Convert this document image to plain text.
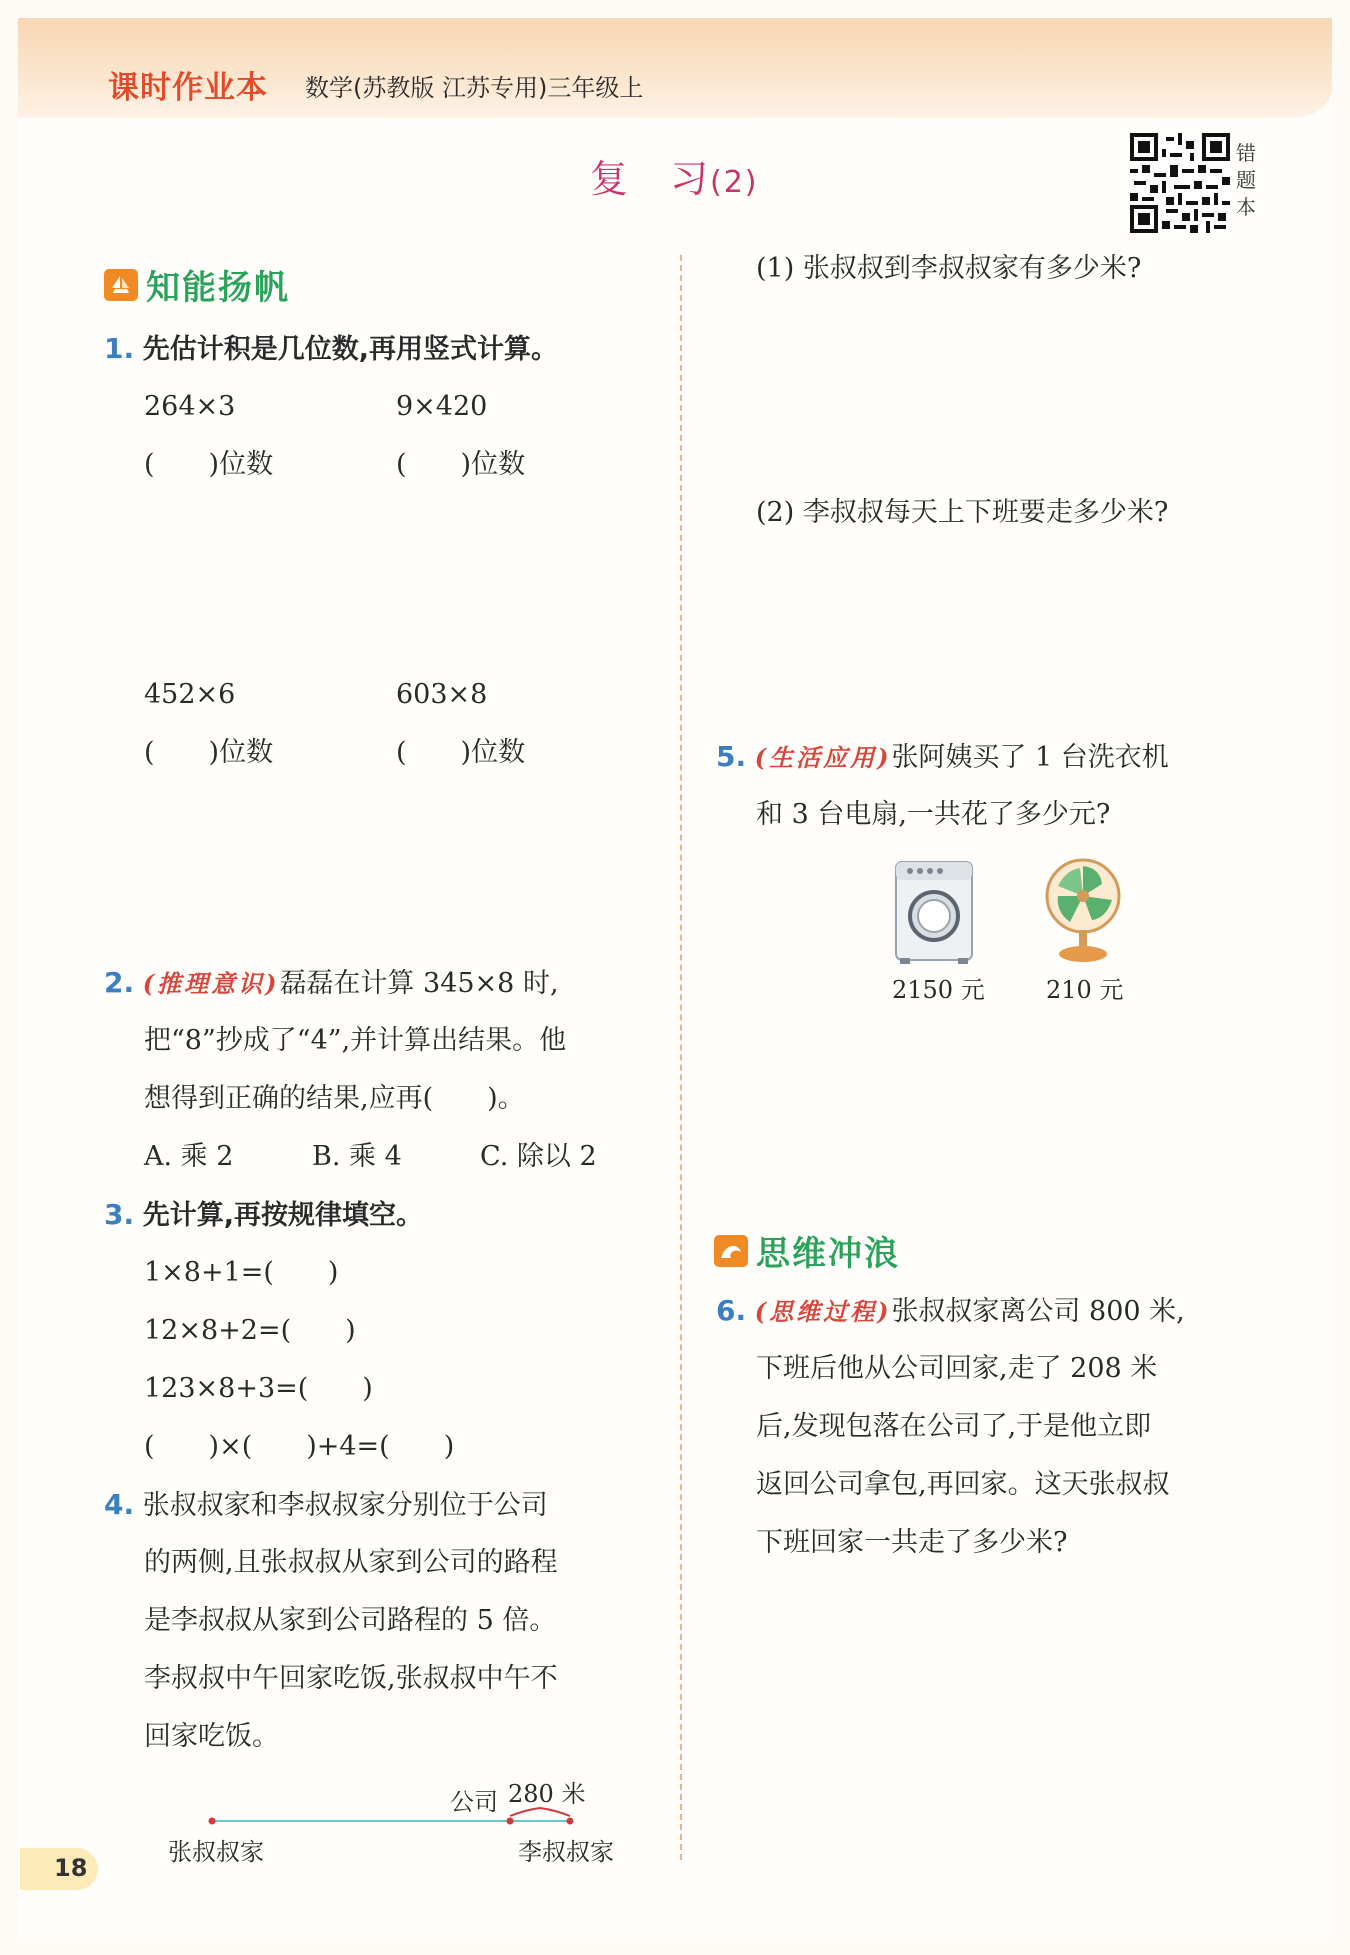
课时作业本 数学(苏教版 江苏专用)三年级上
复　习(2)
错
题
本
知能扬帆
1. 先估计积是几位数,再用竖式计算。
264×3	9×420
(　　)位数	(　　)位数
452×6	603×8
(　　)位数	(　　)位数
2. (推理意识)磊磊在计算 345×8 时,
把“8”抄成了“4”,并计算出结果。他
想得到正确的结果,应再(　　)。
A. 乘 2	B. 乘 4	C. 除以 2
3. 先计算,再按规律填空。
1×8+1=(　　)
12×8+2=(　　)
123×8+3=(　　)
(　　)×(　　)+4=(　　)
4. 张叔叔家和李叔叔家分别位于公司
的两侧,且张叔叔从家到公司的路程
是李叔叔从家到公司路程的 5 倍。
李叔叔中午回家吃饭,张叔叔中午不
回家吃饭。
公司 280 米
张叔叔家	李叔叔家
(1) 张叔叔到李叔叔家有多少米?
(2) 李叔叔每天上下班要走多少米?
5. (生活应用)张阿姨买了 1 台洗衣机
和 3 台电扇,一共花了多少元?
2150 元	210 元
思维冲浪
6. (思维过程)张叔叔家离公司 800 米,
下班后他从公司回家,走了 208 米
后,发现包落在公司了,于是他立即
返回公司拿包,再回家。这天张叔叔
下班回家一共走了多少米?
18
